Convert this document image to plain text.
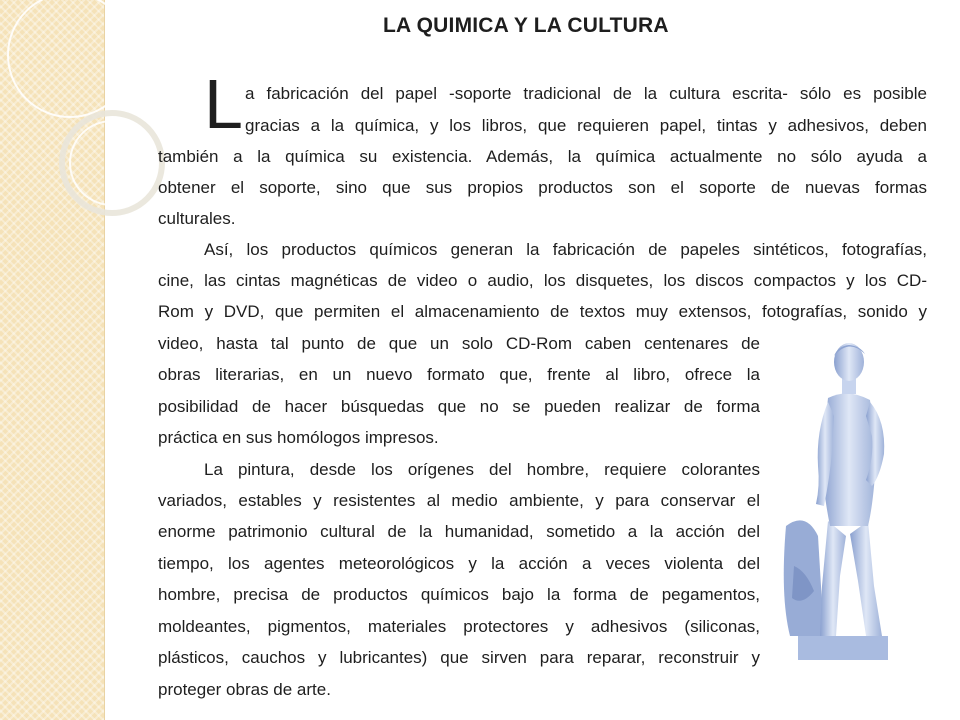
LA QUIMICA Y LA CULTURA
L a fabricación del papel -soporte tradicional de la cultura escrita- sólo es posible

gracias a la química, y los libros, que requieren papel, tintas y adhesivos, deben

también a la química su existencia. Además, la química actualmente no sólo ayuda a

obtener el soporte, sino que sus propios productos son el soporte de nuevas formas

culturales.

Así, los productos químicos generan la fabricación de papeles sintéticos, fotografías,

cine, las cintas magnéticas de video o audio, los disquetes, los discos compactos y los CD-

Rom y DVD, que permiten el almacenamiento de textos muy extensos, fotografías, sonido y

video, hasta tal punto de que un solo CD-Rom caben centenares de

obras literarias, en un nuevo formato que, frente al libro, ofrece la

posibilidad de hacer búsquedas que no se pueden realizar de forma

práctica en sus homólogos impresos.

La pintura, desde los orígenes del hombre, requiere colorantes

variados, estables y resistentes al medio ambiente, y para conservar el

enorme patrimonio cultural de la humanidad, sometido a la acción del

tiempo, los agentes meteorológicos y la acción a veces violenta del

hombre, precisa de productos químicos bajo la forma de pegamentos,

moldeantes, pigmentos, materiales protectores y adhesivos (siliconas,

plásticos, cauchos y lubricantes) que sirven para reparar, reconstruir y

proteger obras de arte.
